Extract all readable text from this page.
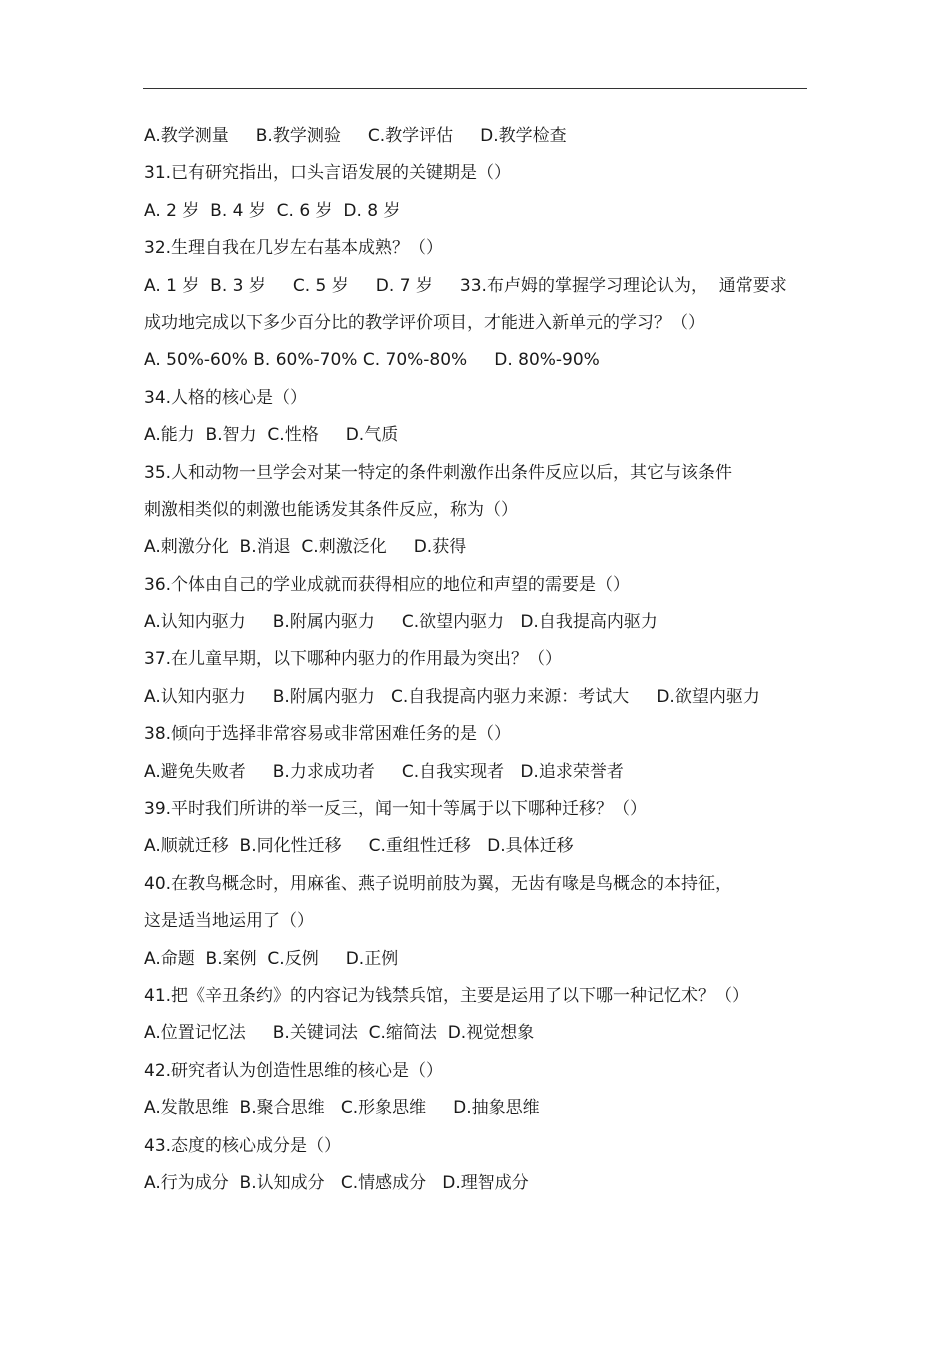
A.教学测量     B.教学测验     C.教学评估     D.教学检查
31.已有研究指出，口头言语发展的关键期是（）
A. 2 岁  B. 4 岁  C. 6 岁  D. 8 岁
32.生理自我在几岁左右基本成熟？（）
A. 1 岁  B. 3 岁     C. 5 岁     D. 7 岁     33.布卢姆的掌握学习理论认为，  通常要求
成功地完成以下多少百分比的教学评价项目，才能进入新单元的学习？（）
A. 50%-60% B. 60%-70% C. 70%-80%     D. 80%-90%
34.人格的核心是（）
A.能力  B.智力  C.性格     D.气质
35.人和动物一旦学会对某一特定的条件刺激作出条件反应以后，其它与该条件
刺激相类似的刺激也能诱发其条件反应，称为（）
A.刺激分化  B.消退  C.刺激泛化     D.获得
36.个体由自己的学业成就而获得相应的地位和声望的需要是（）
A.认知内驱力     B.附属内驱力     C.欲望内驱力   D.自我提高内驱力
37.在儿童早期，以下哪种内驱力的作用最为突出？（）
A.认知内驱力     B.附属内驱力   C.自我提高内驱力来源：考试大     D.欲望内驱力
38.倾向于选择非常容易或非常困难任务的是（）
A.避免失败者     B.力求成功者     C.自我实现者   D.追求荣誉者
39.平时我们所讲的举一反三，闻一知十等属于以下哪种迁移？（）
A.顺就迁移  B.同化性迁移     C.重组性迁移   D.具体迁移
40.在教鸟概念时，用麻雀、燕子说明前肢为翼，无齿有喙是鸟概念的本持征，
这是适当地运用了（）
A.命题  B.案例  C.反例     D.正例
41.把《辛丑条约》的内容记为钱禁兵馆，主要是运用了以下哪一种记忆术？（）
A.位置记忆法     B.关键词法  C.缩简法  D.视觉想象
42.研究者认为创造性思维的核心是（）
A.发散思维  B.聚合思维   C.形象思维     D.抽象思维
43.态度的核心成分是（）
A.行为成分  B.认知成分   C.情感成分   D.理智成分
